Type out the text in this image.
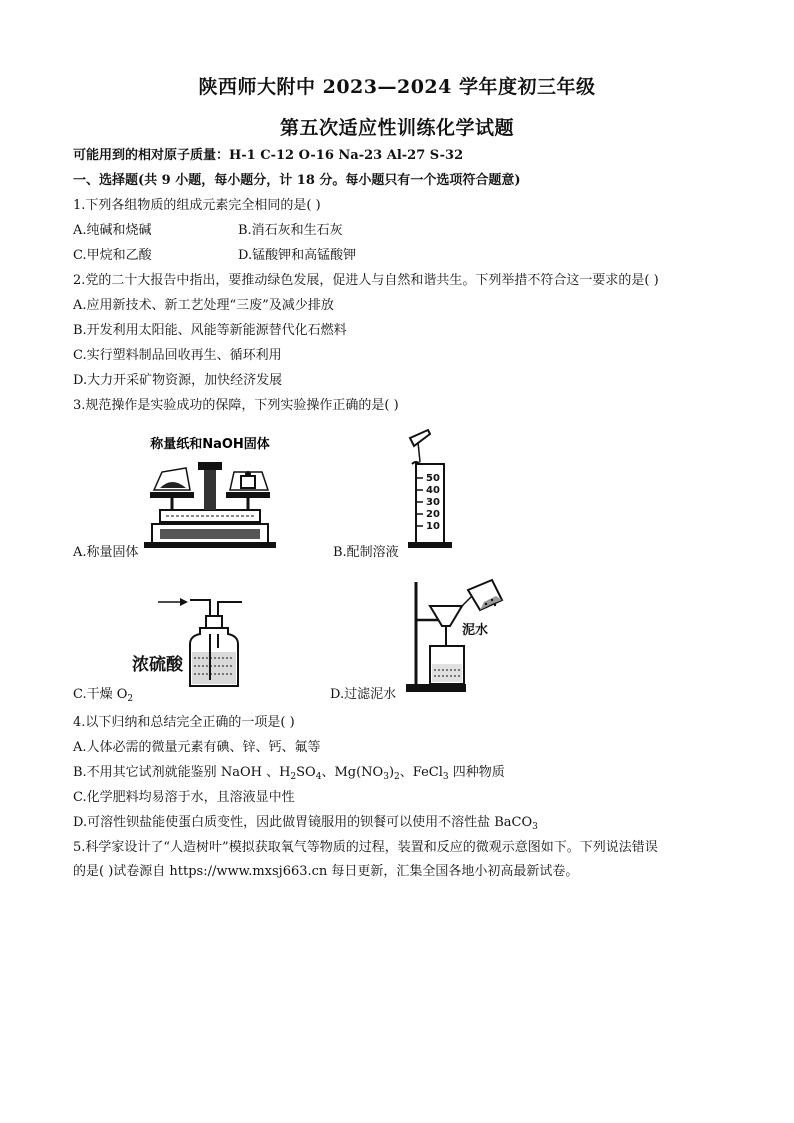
陕西师大附中 2023—2024 学年度初三年级
第五次适应性训练化学试题
可能用到的相对原子质量：H-1 C-12 O-16 Na-23 Al-27 S-32
一、选择题(共 9 小题，每小题分，计 18 分。每小题只有一个选项符合题意)
1.下列各组物质的组成元素完全相同的是( )
A.纯碱和烧碱	B.消石灰和生石灰
C.甲烷和乙酸	D.锰酸钾和高锰酸钾
2.党的二十大报告中指出，要推动绿色发展，促进人与自然和谐共生。下列举措不符合这一要求的是( )
A.应用新技术、新工艺处理“三废”及减少排放
B.开发利用太阳能、风能等新能源替代化石燃料
C.实行塑料制品回收再生、循环利用
D.大力开采矿物资源，加快经济发展
3.规范操作是实验成功的保障，下列实验操作正确的是( )
称量纸和NaOH固体
A.称量固体
50
40
30
20
10
B.配制溶液
浓硫酸
C.干燥 $O_2$
泥水
D.过滤泥水
4.以下归纳和总结完全正确的一项是( )
A.人体必需的微量元素有碘、锌、钙、氟等
B.不用其它试剂就能鉴别 NaOH 、$H_2SO_4$、$Mg(NO_3)_2$、FeCl$_3$ 四种物质
C.化学肥料均易溶于水，且溶液显中性
D.可溶性钡盐能使蛋白质变性，因此做胃镜服用的钡餐可以使用不溶性盐 BaCO$_3$
5.科学家设计了“人造树叶”模拟获取氧气等物质的过程，装置和反应的微观示意图如下。下列说法错误
的是( )试卷源自 https://www.mxsj663.cn 每日更新，汇集全国各地小初高最新试卷。
